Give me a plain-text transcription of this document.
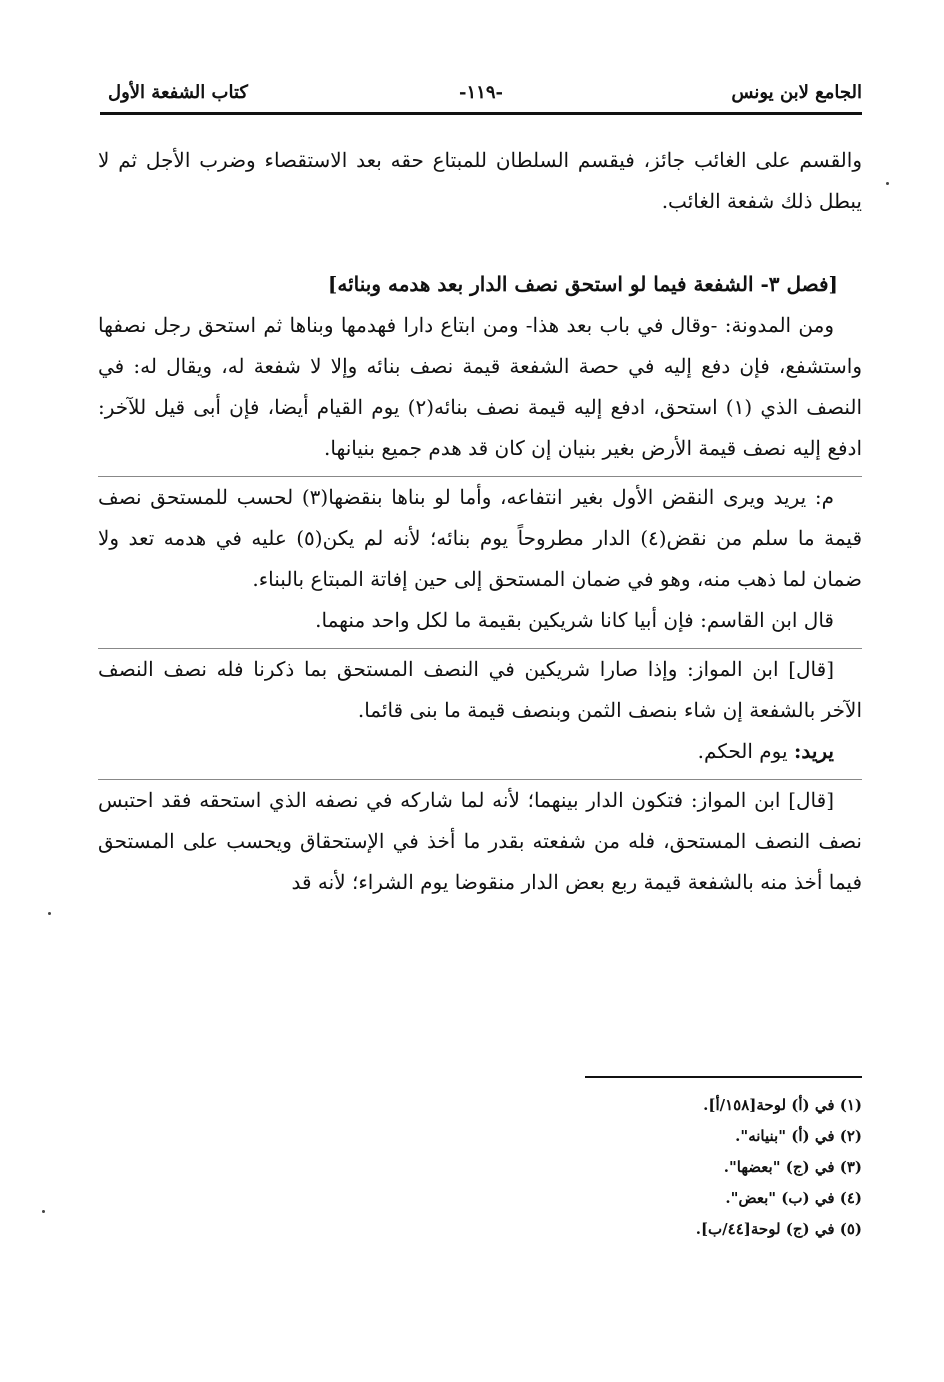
الجامع لابن يونس
-١١٩-
كتاب الشفعة الأول

والقسم على الغائب جائز، فيقسم السلطان للمبتاع حقه بعد الاستقصاء وضرب الأجل ثم لا يبطل ذلك شفعة الغائب.

[فصل ٣- الشفعة فيما لو استحق نصف الدار بعد هدمه وبنائه]

ومن المدونة: -وقال في باب بعد هذا- ومن ابتاع دارا فهدمها وبناها ثم استحق رجل نصفها واستشفع، فإن دفع إليه في حصة الشفعة قيمة نصف بنائه وإلا لا شفعة له، ويقال له: في النصف الذي (١) استحق، ادفع إليه قيمة نصف بنائه(٢) يوم القيام أيضا، فإن أبى قيل للآخر: ادفع إليه نصف قيمة الأرض بغير بنيان إن كان قد هدم جميع بنيانها.

م: يريد ويرى النقض الأول بغير انتفاعه، وأما لو بناها بنقضها(٣) لحسب للمستحق نصف قيمة ما سلم من نقض(٤) الدار مطروحاً يوم بنائه؛ لأنه لم يكن(٥) عليه في هدمه تعد ولا ضمان لما ذهب منه، وهو في ضمان المستحق إلى حين إفاتة المبتاع بالبناء.

قال ابن القاسم: فإن أبيا كانا شريكين بقيمة ما لكل واحد منهما.

[قال] ابن المواز: وإذا صارا شريكين في النصف المستحق بما ذكرنا فله نصف النصف الآخر بالشفعة إن شاء بنصف الثمن وبنصف قيمة ما بنى قائما.

يريد: يوم الحكم.

[قال] ابن المواز: فتكون الدار بينهما؛ لأنه لما شاركه في نصفه الذي استحقه فقد احتبس نصف النصف المستحق، فله من شفعته بقدر ما أخذ في الإستحقاق ويحسب على المستحق فيما أخذ منه بالشفعة قيمة ربع بعض الدار منقوضا يوم الشراء؛ لأنه قد

(١) في (أ) لوحة[١٥٨/أ].
(٢) في (أ) "بنيانه".
(٣) في (ج) "بعضها".
(٤) في (ب) "بعض".
(٥) في (ج) لوحة[٤٤/ب].
